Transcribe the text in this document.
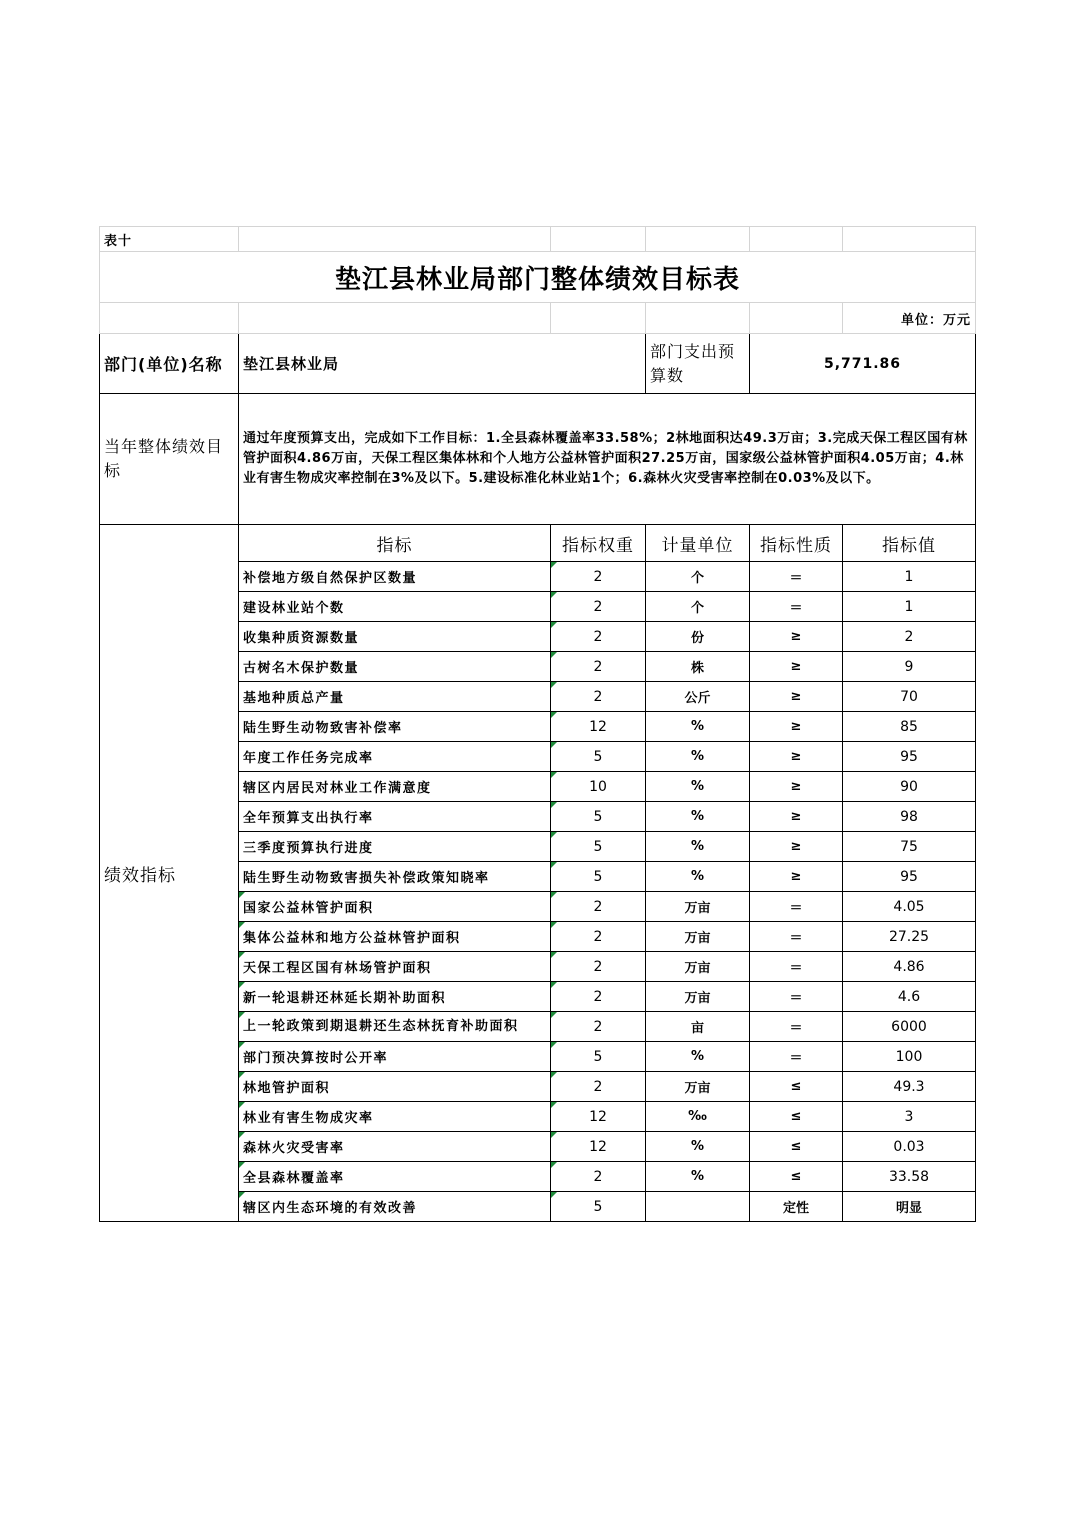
表十					
垫江县林业局部门整体绩效目标表					
					单位：万元
部门(单位)名称	垫江县林业局		部门支出预算数	5,771.86	
当年整体绩效目标	通过年度预算支出，完成如下工作目标：1.全县森林覆盖率33.58%；2林地面积达49.3万亩；3.完成天保工程区国有林管护面积4.86万亩，天保工程区集体林和个人地方公益林管护面积27.25万亩，国家级公益林管护面积4.05万亩；4.林业有害生物成灾率控制在3%及以下。5.建设标准化林业站1个；6.森林火灾受害率控制在0.03%及以下。				
绩效指标	指标	指标权重	计量单位	指标性质	指标值
	补偿地方级自然保护区数量	2	个	＝	1
	建设林业站个数	2	个	＝	1
	收集种质资源数量	2	份	≥	2
	古树名木保护数量	2	株	≥	9
	基地种质总产量	2	公斤	≥	70
	陆生野生动物致害补偿率	12	%	≥	85
	年度工作任务完成率	5	%	≥	95
	辖区内居民对林业工作满意度	10	%	≥	90
	全年预算支出执行率	5	%	≥	98
	三季度预算执行进度	5	%	≥	75
	陆生野生动物致害损失补偿政策知晓率	5	%	≥	95
	国家公益林管护面积	2	万亩	＝	4.05
	集体公益林和地方公益林管护面积	2	万亩	＝	27.25
	天保工程区国有林场管护面积	2	万亩	＝	4.86
	新一轮退耕还林延长期补助面积	2	万亩	＝	4.6
	上一轮政策到期退耕还生态林抚育补助面积	2	亩	＝	6000
	部门预决算按时公开率	5	%	＝	100
	林地管护面积	2	万亩	≤	49.3
	林业有害生物成灾率	12	‰	≤	3
	森林火灾受害率	12	%	≤	0.03
	全县森林覆盖率	2	%	≤	33.58
	辖区内生态环境的有效改善	5		定性	明显
